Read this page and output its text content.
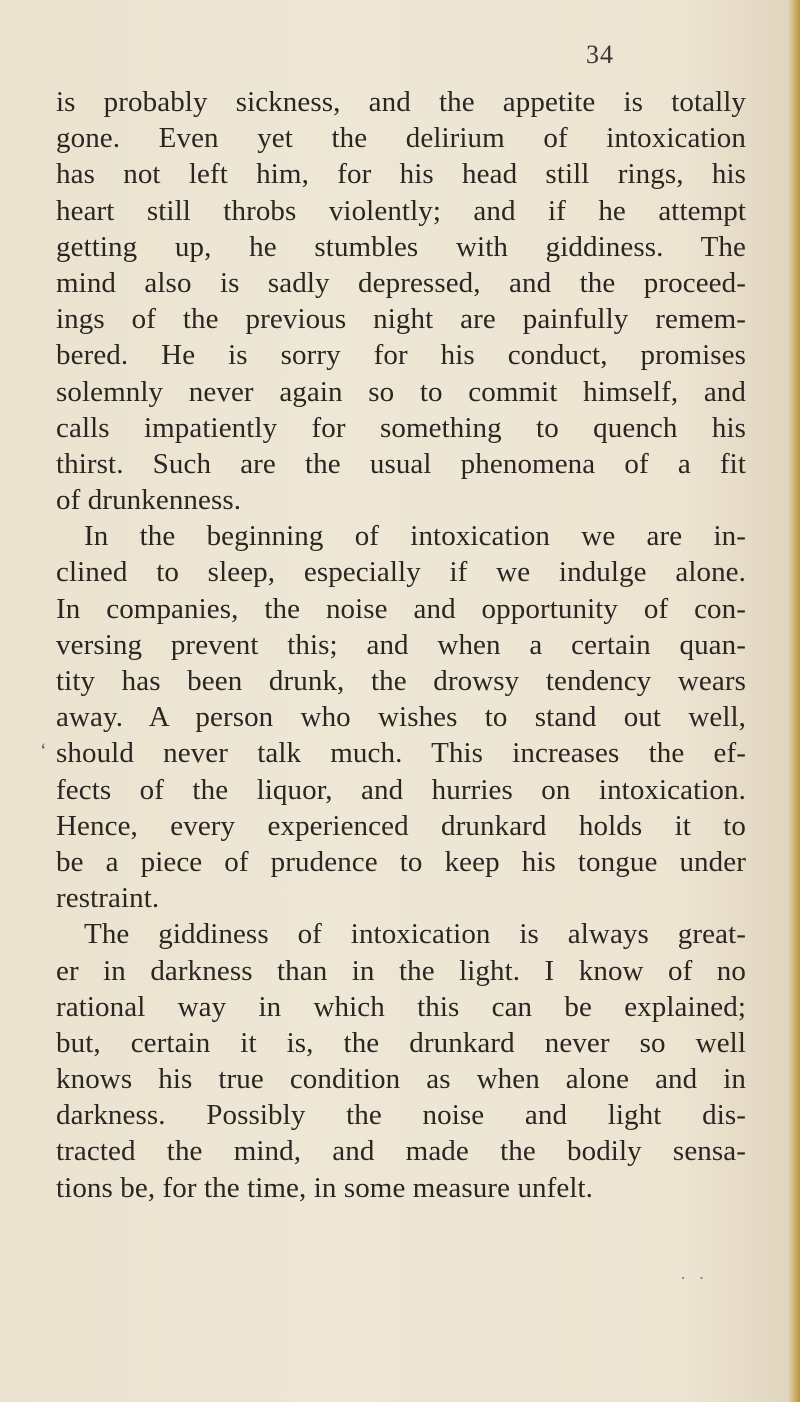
34
‘
is probably sickness, and the appetite is totally
gone. Even yet the delirium of intoxication
has not left him, for his head still rings, his
heart still throbs violently; and if he attempt
getting up, he stumbles with giddiness. The
mind also is sadly depressed, and the proceed-
ings of the previous night are painfully remem-
bered. He is sorry for his conduct, promises
solemnly never again so to commit himself, and
calls impatiently for something to quench his
thirst. Such are the usual phenomena of a fit
of drunkenness.
In the beginning of intoxication we are in-
clined to sleep, especially if we indulge alone.
In companies, the noise and opportunity of con-
versing prevent this; and when a certain quan-
tity has been drunk, the drowsy tendency wears
away. A person who wishes to stand out well,
should never talk much. This increases the ef-
fects of the liquor, and hurries on intoxication.
Hence, every experienced drunkard holds it to
be a piece of prudence to keep his tongue under
restraint.
The giddiness of intoxication is always great-
er in darkness than in the light. I know of no
rational way in which this can be explained;
but, certain it is, the drunkard never so well
knows his true condition as when alone and in
darkness. Possibly the noise and light dis-
tracted the mind, and made the bodily sensa-
tions be, for the time, in some measure unfelt.
· ·
